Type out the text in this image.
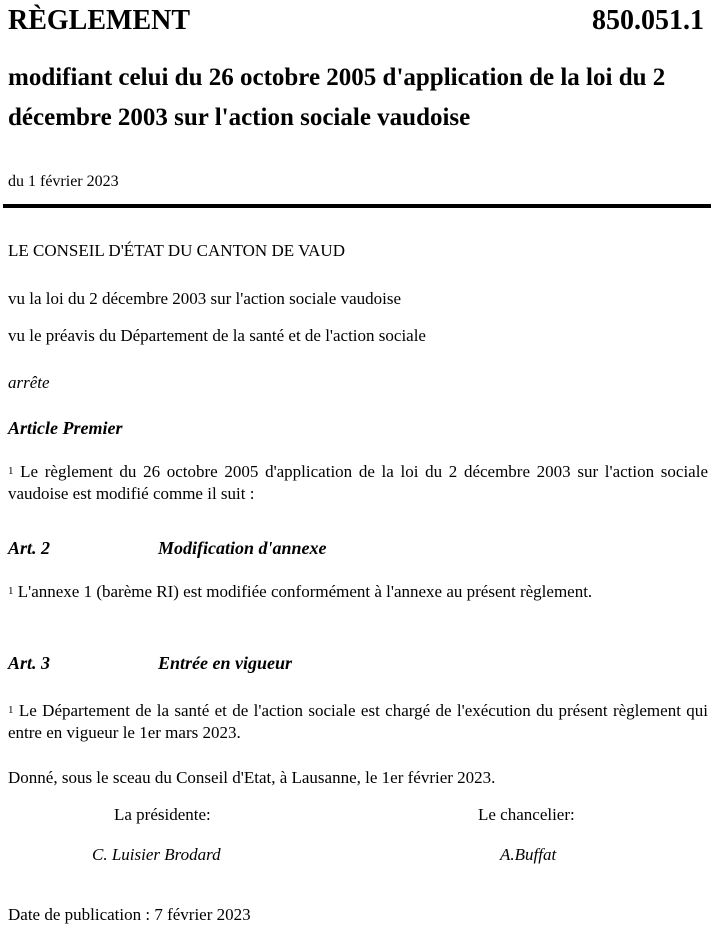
RÈGLEMENT	850.051.1
modifiant celui du 26 octobre 2005 d'application de la loi du 2 décembre 2003 sur l'action sociale vaudoise
du 1 février 2023
LE CONSEIL D'ÉTAT DU CANTON DE VAUD
vu la loi du 2 décembre 2003 sur l'action sociale vaudoise
vu le préavis du Département de la santé et de l'action sociale
arrête
Article Premier
$^1$ Le règlement du 26 octobre 2005 d'application de la loi du 2 décembre 2003 sur l'action sociale vaudoise est modifié comme il suit :
Art. 2	Modification d'annexe
$^1$ L'annexe 1 (barème RI) est modifiée conformément à l'annexe au présent règlement.
Art. 3	Entrée en vigueur
$^1$ Le Département de la santé et de l'action sociale est chargé de l'exécution du présent règlement qui entre en vigueur le 1er mars 2023.
Donné, sous le sceau du Conseil d'Etat, à Lausanne, le 1er février 2023.
La présidente:	Le chancelier:
C. Luisier Brodard	A.Buffat
Date de publication : 7 février 2023
